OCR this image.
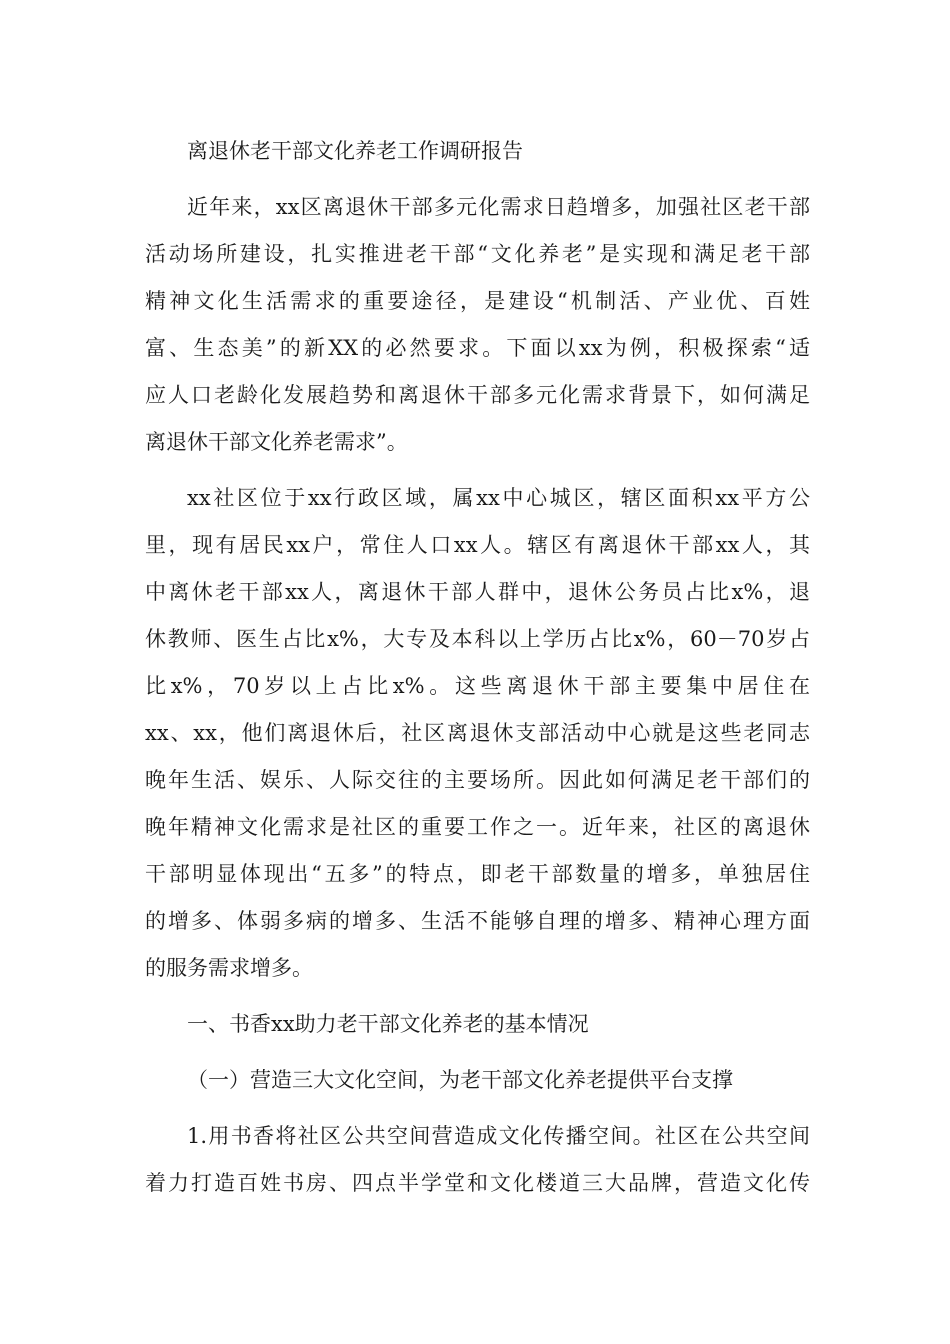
离退休老干部文化养老工作调研报告
近年来，xx区离退休干部多元化需求日趋增多，加强社区老干部
活动场所建设，扎实推进老干部“文化养老”是实现和满足老干部
精神文化生活需求的重要途径，是建设“机制活、产业优、百姓
富、生态美”的新XX的必然要求。下面以xx为例，积极探索“适
应人口老龄化发展趋势和离退休干部多元化需求背景下，如何满足
离退休干部文化养老需求”。
xx社区位于xx行政区域，属xx中心城区，辖区面积xx平方公
里，现有居民xx户，常住人口xx人。辖区有离退休干部xx人，其
中离休老干部xx人，离退休干部人群中，退休公务员占比x%，退
休教师、医生占比x%，大专及本科以上学历占比x%，60－70岁占
比x%，70岁以上占比x%。这些离退休干部主要集中居住在
xx、xx，他们离退休后，社区离退休支部活动中心就是这些老同志
晚年生活、娱乐、人际交往的主要场所。因此如何满足老干部们的
晚年精神文化需求是社区的重要工作之一。近年来，社区的离退休
干部明显体现出“五多”的特点，即老干部数量的增多，单独居住
的增多、体弱多病的增多、生活不能够自理的增多、精神心理方面
的服务需求增多。
一、书香xx助力老干部文化养老的基本情况
（一）营造三大文化空间，为老干部文化养老提供平台支撑
1.用书香将社区公共空间营造成文化传播空间。社区在公共空间
着力打造百姓书房、四点半学堂和文化楼道三大品牌，营造文化传
